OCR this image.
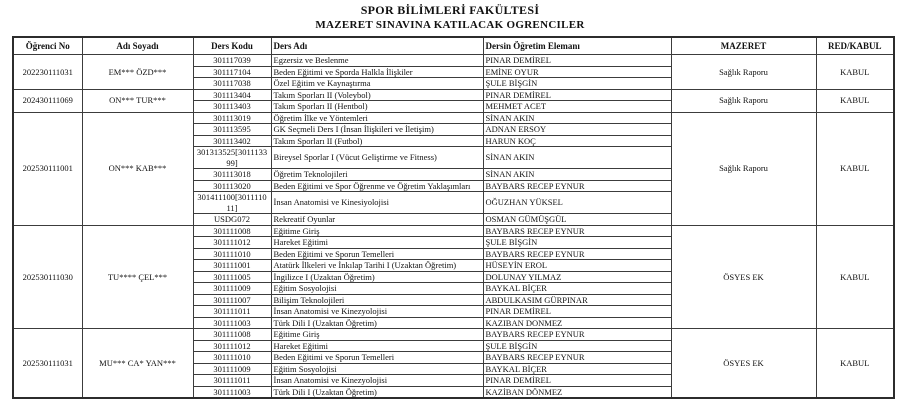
SPOR BİLİMLERİ FAKÜLTESİ
MAZERET SINAVINA KATILACAK OGRENCILER
Öğrenci No	Adı Soyadı	Ders Kodu	Ders Adı	Dersin Öğretim Elemanı	MAZERET	RED/KABUL
202230111031	EM*** ÖZD***	301117039	Egzersiz ve Beslenme	PINAR DEMİREL	Sağlık Raporu	KABUL
		301117104	Beden Eğitimi ve Sporda Halkla İlişkiler	EMİNE OYUR		
		301117038	Özel Eğitim ve Kaynaştırma	ŞULE BİŞGİN		
202430111069	ON*** TUR***	301113404	Takım Sporları II (Voleybol)	PINAR DEMİREL	Sağlık Raporu	KABUL
		301113403	Takım Sporları II (Hentbol)	MEHMET ACET		
202530111001	ON*** KAB***	301113019	Öğretim İlke ve Yöntemleri	SİNAN AKIN	Sağlık Raporu	KABUL
		301113595	GK Seçmeli Ders I (İnsan İlişkileri ve İletişim)	ADNAN ERSOY		
		301113402	Takım Sporları II (Futbol)	HARUN KOÇ		
		301313525[301113399]	Bireysel Sporlar I (Vücut Geliştirme ve Fitness)	SİNAN AKIN		
		301113018	Öğretim Teknolojileri	SİNAN AKIN		
		301113020	Beden Eğitimi ve Spor Öğrenme ve Öğretim Yaklaşımları	BAYBARS RECEP EYNUR		
		301411100[301111011]	İnsan Anatomisi ve Kinesiyolojisi	OĞUZHAN YÜKSEL		
		USDG072	Rekreatif Oyunlar	OSMAN GÜMÜŞGÜL		
202530111030	TU**** ÇEL***	301111008	Eğitime Giriş	BAYBARS RECEP EYNUR	ÖSYES EK	KABUL
		301111012	Hareket Eğitimi	ŞULE BİŞGİN		
		301111010	Beden Eğitimi ve Sporun Temelleri	BAYBARS RECEP EYNUR		
		301111001	Atatürk İlkeleri ve İnkılap Tarihi I (Uzaktan Öğretim)	HÜSEYİN EROL		
		301111005	İngilizce I (Uzaktan Öğretim)	DOLUNAY YILMAZ		
		301111009	Eğitim Sosyolojisi	BAYKAL BİÇER		
		301111007	Bilişim Teknolojileri	ABDULKASIM GÜRPINAR		
		301111011	İnsan Anatomisi ve Kinezyolojisi	PINAR DEMİREL		
		301111003	Türk Dili I (Uzaktan Öğretim)	KAZIBAN DONMEZ		
202530111031	MU*** CA* YAN***	301111008	Eğitime Giriş	BAYBARS RECEP EYNUR	ÖSYES EK	KABUL
		301111012	Hareket Eğitimi	ŞULE BİŞGİN		
		301111010	Beden Eğitimi ve Sporun Temelleri	BAYBARS RECEP EYNUR		
		301111009	Eğitim Sosyolojisi	BAYKAL BİÇER		
		301111011	İnsan Anatomisi ve Kinezyolojisi	PINAR DEMİREL		
		301111003	Türk Dili I (Uzaktan Öğretim)	KAZİBAN DÖNMEZ		
